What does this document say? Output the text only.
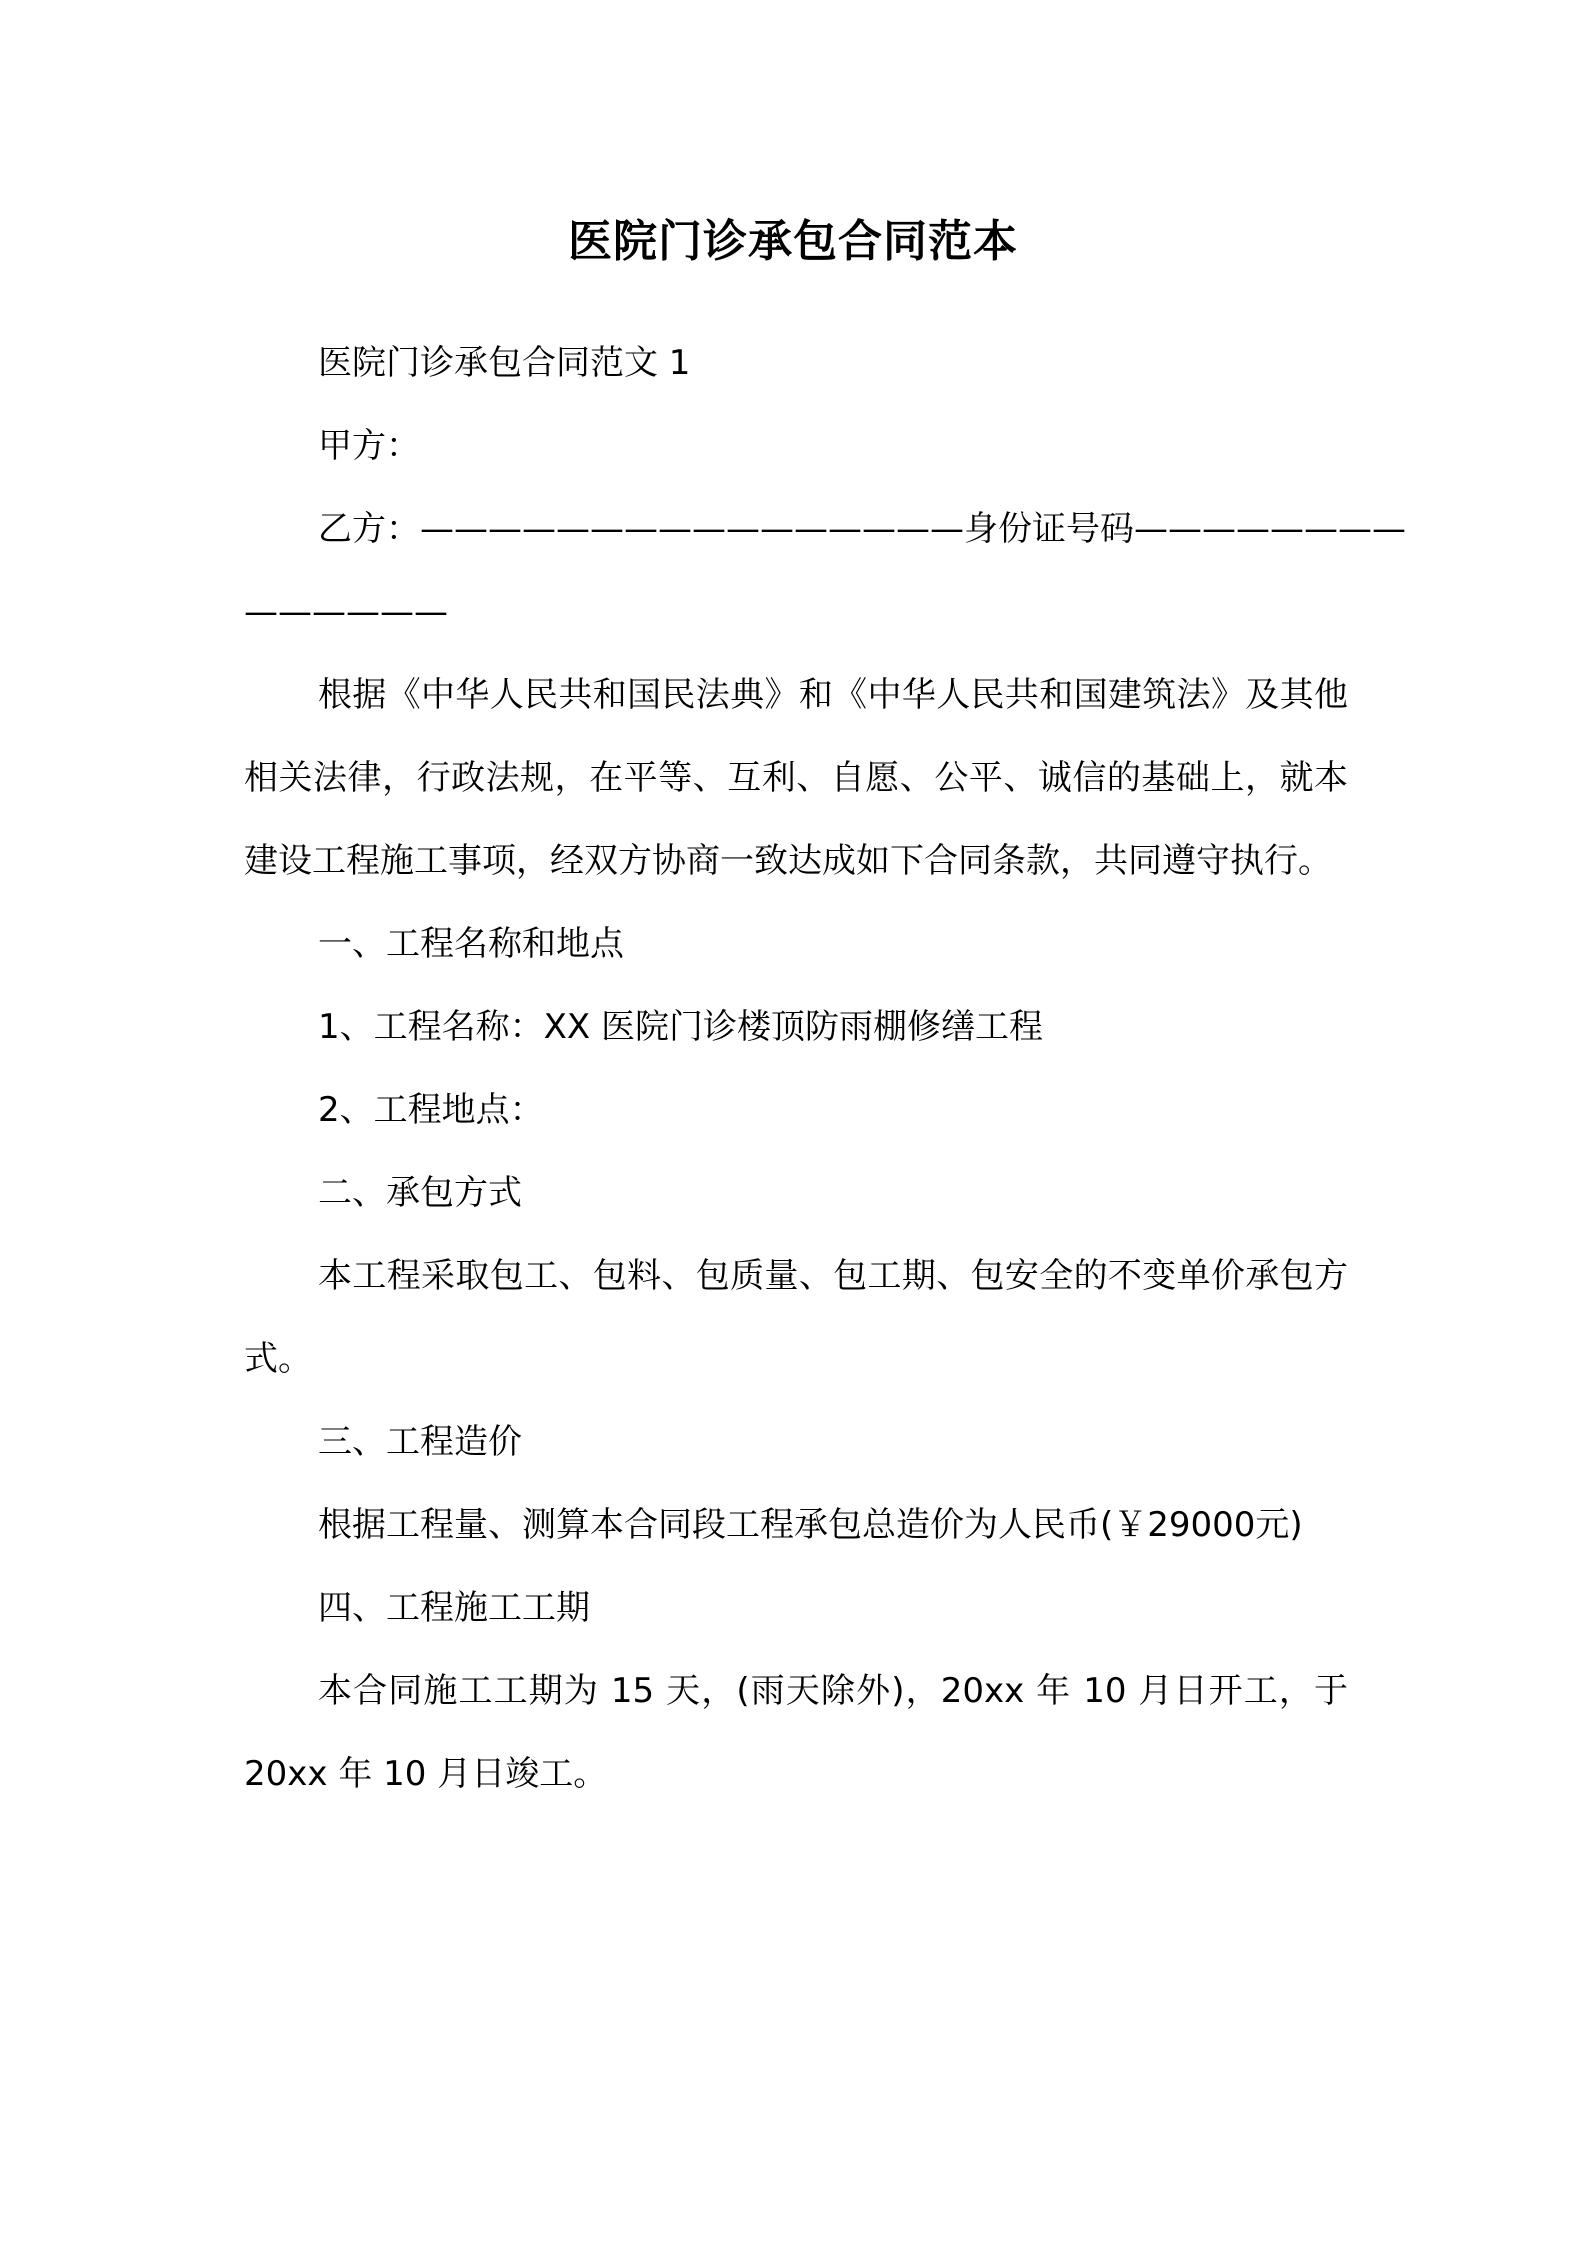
医院门诊承包合同范本

医院门诊承包合同范文 1

甲方：

乙方：————————————————身份证号码————————

——————

根据《中华人民共和国民法典》和《中华人民共和国建筑法》及其他相关法律，行政法规，在平等、互利、自愿、公平、诚信的基础上，就本建设工程施工事项，经双方协商一致达成如下合同条款，共同遵守执行。

一、工程名称和地点

1、工程名称：XX 医院门诊楼顶防雨棚修缮工程

2、工程地点：

二、承包方式

本工程采取包工、包料、包质量、包工期、包安全的不变单价承包方式。

三、工程造价

根据工程量、测算本合同段工程承包总造价为人民币(￥29000元)

四、工程施工工期

本合同施工工期为 15 天，(雨天除外)，20xx 年 10 月日开工，于 20xx 年 10 月日竣工。
